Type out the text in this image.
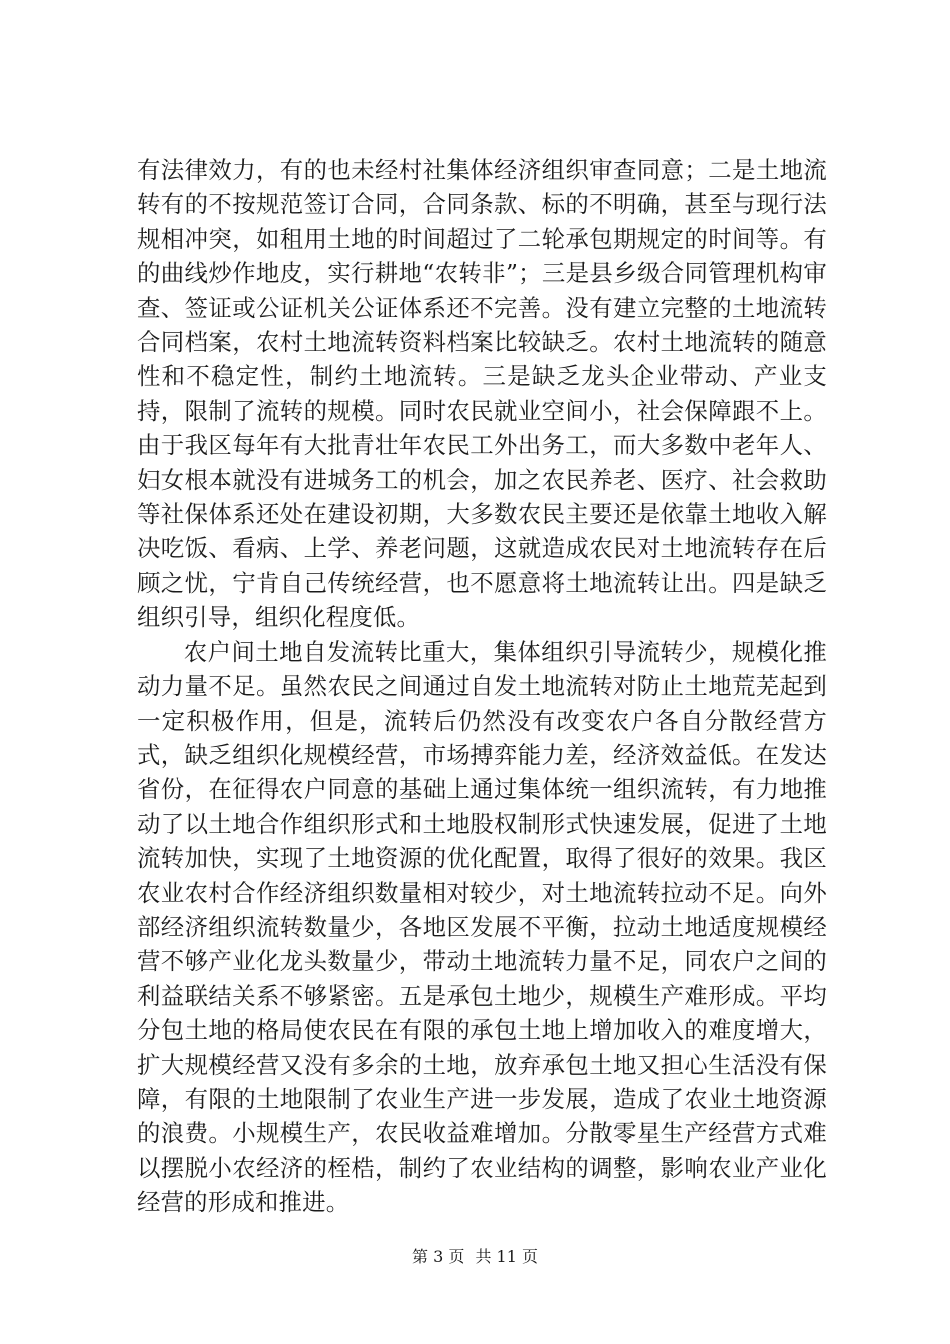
有法律效力，有的也未经村社集体经济组织审查同意；二是土地流转有的不按规范签订合同，合同条款、标的不明确，甚至与现行法规相冲突，如租用土地的时间超过了二轮承包期规定的时间等。有的曲线炒作地皮，实行耕地“农转非”；三是县乡级合同管理机构审查、签证或公证机关公证体系还不完善。没有建立完整的土地流转合同档案，农村土地流转资料档案比较缺乏。农村土地流转的随意性和不稳定性，制约土地流转。三是缺乏龙头企业带动、产业支持，限制了流转的规模。同时农民就业空间小，社会保障跟不上。由于我区每年有大批青壮年农民工外出务工，而大多数中老年人、妇女根本就没有进城务工的机会，加之农民养老、医疗、社会救助等社保体系还处在建设初期，大多数农民主要还是依靠土地收入解决吃饭、看病、上学、养老问题，这就造成农民对土地流转存在后顾之忧，宁肯自己传统经营，也不愿意将土地流转让出。四是缺乏组织引导，组织化程度低。

农户间土地自发流转比重大，集体组织引导流转少，规模化推动力量不足。虽然农民之间通过自发土地流转对防止土地荒芜起到一定积极作用，但是，流转后仍然没有改变农户各自分散经营方式，缺乏组织化规模经营，市场搏弈能力差，经济效益低。在发达省份，在征得农户同意的基础上通过集体统一组织流转，有力地推动了以土地合作组织形式和土地股权制形式快速发展，促进了土地流转加快，实现了土地资源的优化配置，取得了很好的效果。我区农业农村合作经济组织数量相对较少，对土地流转拉动不足。向外部经济组织流转数量少，各地区发展不平衡，拉动土地适度规模经营不够产业化龙头数量少，带动土地流转力量不足，同农户之间的利益联结关系不够紧密。五是承包土地少，规模生产难形成。平均分包土地的格局使农民在有限的承包土地上增加收入的难度增大，扩大规模经营又没有多余的土地，放弃承包土地又担心生活没有保障，有限的土地限制了农业生产进一步发展，造成了农业土地资源的浪费。小规模生产，农民收益难增加。分散零星生产经营方式难以摆脱小农经济的桎梏，制约了农业结构的调整，影响农业产业化经营的形成和推进。

第 3 页 共 11 页
